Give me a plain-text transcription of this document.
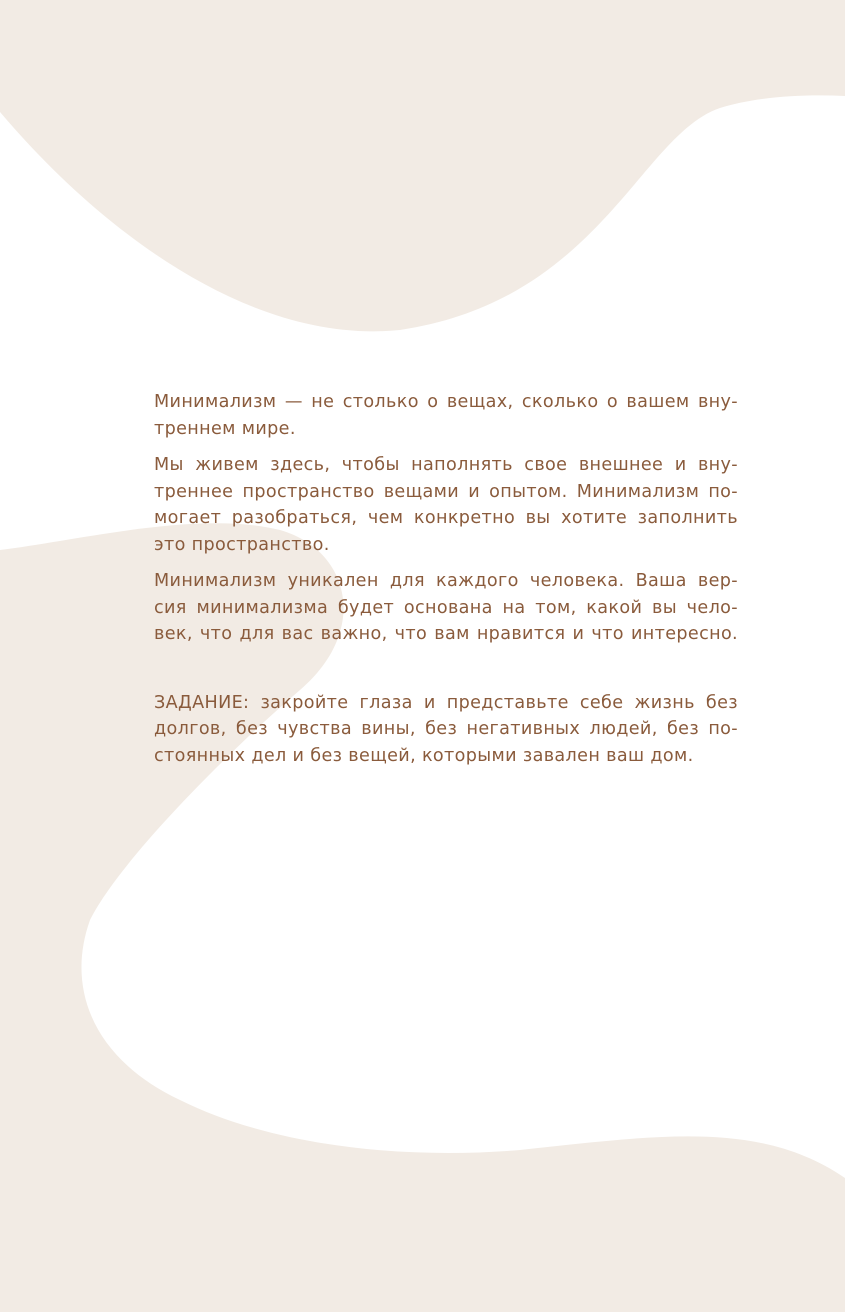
Минимализм — не столько о вещах, сколько о вашем вну-
треннем мире.

Мы живем здесь, чтобы наполнять свое внешнее и вну-
треннее пространство вещами и опытом. Минимализм по-
могает разобраться, чем конкретно вы хотите заполнить
это пространство.

Минимализм уникален для каждого человека. Ваша вер-
сия минимализма будет основана на том, какой вы чело-
век, что для вас важно, что вам нравится и что интересно.

ЗАДАНИЕ: закройте глаза и представьте себе жизнь без
долгов, без чувства вины, без негативных людей, без по-
стоянных дел и без вещей, которыми завален ваш дом.
